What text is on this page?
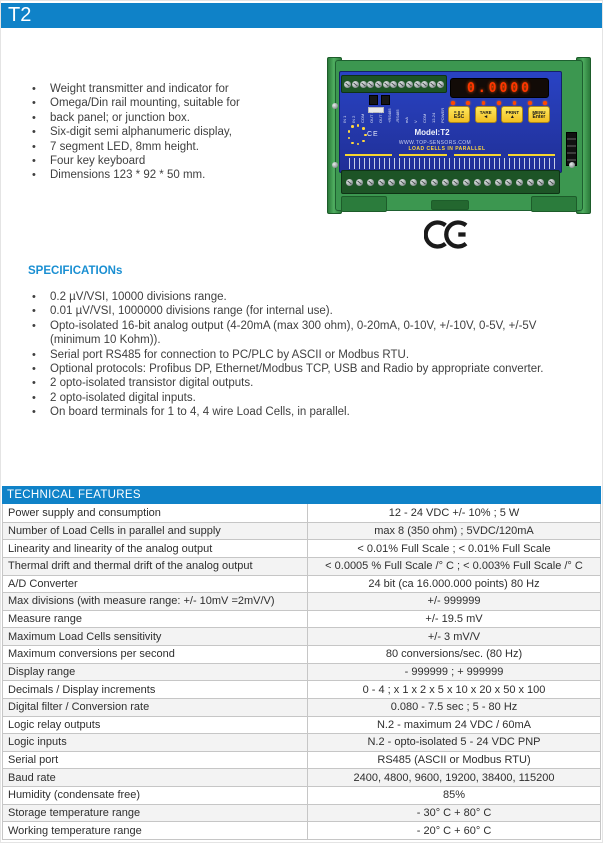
T2
• Weight transmitter and indicator for
• Omega/Din rail mounting, suitable for
• back panel; or junction box.
• Six-digit semi alphanumeric display,
• 7 segment LED, 8mm height.
• Four key keyboard
• Dimensions 123 * 92 * 50 mm.
0.0000
= 0 =
ESC
TARE
◄
PRINT
▲
MENU
Enter
IN 1 IN 2 COM OUT 1 OUT 2 +RS485 -RS485 mA V COM 12-24 POWER
CE	Model:T2
WWW.TOP-SENSORS.COM
LOAD CELLS IN PARALLEL
SPECIFICATIONs
• 0.2 µV/VSI, 10000 divisions range.
• 0.01 µV/VSI, 1000000 divisions range (for internal use).
• Opto-isolated 16-bit analog output (4-20mA (max 300 ohm), 0-20mA, 0-10V, +/-10V, 0-5V, +/-5V (minimum 10 Kohm)).
• Serial port RS485 for connection to PC/PLC by ASCII or Modbus RTU.
• Optional protocols: Profibus DP, Ethernet/Modbus TCP, USB and Radio by appropriate converter.
• 2 opto-isolated transistor digital outputs.
• 2 opto-isolated digital inputs.
• On board terminals for 1 to 4, 4 wire Load Cells, in parallel.
TECHNICAL FEATURES
Power supply and consumption	12 - 24 VDC +/- 10% ; 5 W
Number of Load Cells in parallel and supply	max 8 (350 ohm) ; 5VDC/120mA
Linearity and linearity of the analog output	< 0.01% Full Scale ; < 0.01% Full Scale
Thermal drift and thermal drift of the analog output	< 0.0005 % Full Scale /° C ; < 0.003% Full Scale /° C
A/D Converter	24 bit (ca 16.000.000 points) 80 Hz
Max divisions (with measure range: +/- 10mV =2mV/V)	+/- 999999
Measure range	+/- 19.5 mV
Maximum Load Cells sensitivity	+/- 3 mV/V
Maximum conversions per second	80 conversions/sec. (80 Hz)
Display range	- 999999 ; + 999999
Decimals / Display increments	0 - 4 ; x 1 x 2 x 5 x 10 x 20 x 50 x 100
Digital filter / Conversion rate	0.080 - 7.5 sec ; 5 - 80 Hz
Logic relay outputs	N.2 - maximum 24 VDC / 60mA
Logic inputs	N.2 - opto-isolated 5 - 24 VDC PNP
Serial port	RS485 (ASCII or Modbus RTU)
Baud rate	2400, 4800, 9600, 19200, 38400, 115200
Humidity (condensate free)	85%
Storage temperature range	- 30° C + 80° C
Working temperature range	- 20° C + 60° C
